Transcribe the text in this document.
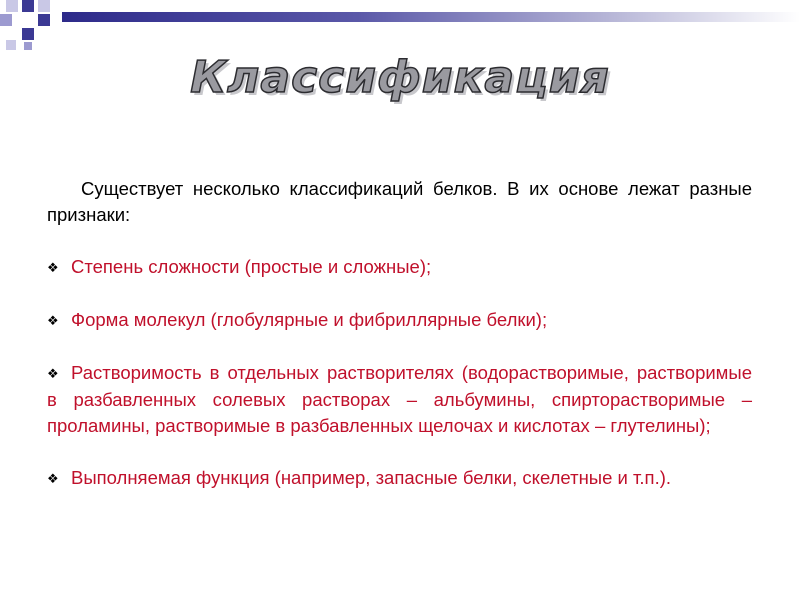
Классификация

Существует несколько классификаций белков. В их основе лежат разные признаки:

❖ Степень сложности (простые и сложные);

❖ Форма молекул (глобулярные и фибриллярные белки);

❖ Растворимость в отдельных растворителях (водорастворимые, растворимые в разбавленных солевых растворах – альбумины, спирторастворимые – проламины, растворимые в разбавленных щелочах и кислотах – глутелины);

❖ Выполняемая функция (например, запасные белки, скелетные и т.п.).
